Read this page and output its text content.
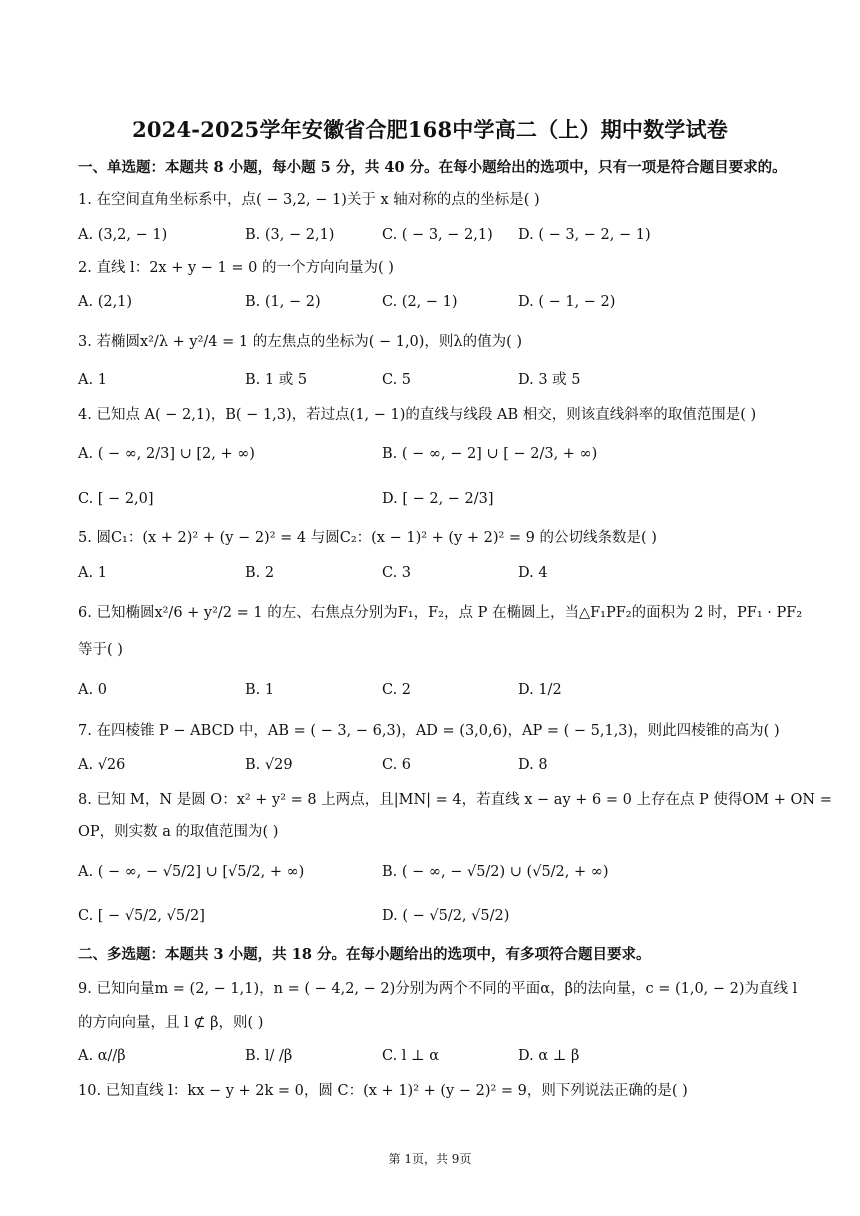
2024-2025学年安徽省合肥168中学高二（上）期中数学试卷
一、单选题：本题共 8 小题，每小题 5 分，共 40 分。在每小题给出的选项中，只有一项是符合题目要求的。
1. 在空间直角坐标系中，点( − 3,2, − 1)关于 x 轴对称的点的坐标是( )
A. (3,2, − 1)	B. (3, − 2,1)	C. ( − 3, − 2,1) D. ( − 3, − 2, − 1)
2. 直线 l：2x + y − 1 = 0 的一个方向向量为( )
A. (2,1)	B. (1, − 2)	C. (2, − 1)	D. ( − 1, − 2)
3. 若椭圆x²/λ + y²/4 = 1 的左焦点的坐标为( − 1,0)，则λ的值为( )
A. 1	B. 1 或 5	C. 5	D. 3 或 5
4. 已知点 A( − 2,1)，B( − 1,3)，若过点(1, − 1)的直线与线段 AB 相交，则该直线斜率的取值范围是( )
A. ( − ∞, 2/3] ∪ [2, + ∞)	B. ( − ∞, − 2] ∪ [ − 2/3, + ∞)
C. [ − 2,0]	D. [ − 2, − 2/3]
5. 圆C₁：(x + 2)² + (y − 2)² = 4 与圆C₂：(x − 1)² + (y + 2)² = 9 的公切线条数是( )
A. 1	B. 2	C. 3	D. 4
6. 已知椭圆x²/6 + y²/2 = 1 的左、右焦点分别为F₁，F₂，点 P 在椭圆上，当△F₁PF₂的面积为 2 时，PF₁ · PF₂
等于( )
A. 0	B. 1	C. 2	D. 1/2
7. 在四棱锥 P − ABCD 中，AB = ( − 3, − 6,3)，AD = (3,0,6)，AP = ( − 5,1,3)，则此四棱锥的高为( )
A. √26	B. √29	C. 6	D. 8
8. 已知 M，N 是圆 O：x² + y² = 8 上两点，且|MN| = 4，若直线 x − ay + 6 = 0 上存在点 P 使得OM + ON =
OP，则实数 a 的取值范围为( )
A. ( − ∞, − √5/2] ∪ [√5/2, + ∞)	B. ( − ∞, − √5/2) ∪ (√5/2, + ∞)
C. [ − √5/2, √5/2]	D. ( − √5/2, √5/2)
二、多选题：本题共 3 小题，共 18 分。在每小题给出的选项中，有多项符合题目要求。
9. 已知向量m = (2, − 1,1)，n = ( − 4,2, − 2)分别为两个不同的平面α，β的法向量，c = (1,0, − 2)为直线 l
的方向向量，且 l ⊄ β，则( )
A. α//β	B. l/ /β	C. l ⊥ α	D. α ⊥ β
10. 已知直线 l：kx − y + 2k = 0，圆 C：(x + 1)² + (y − 2)² = 9，则下列说法正确的是( )
第 1页，共 9页
